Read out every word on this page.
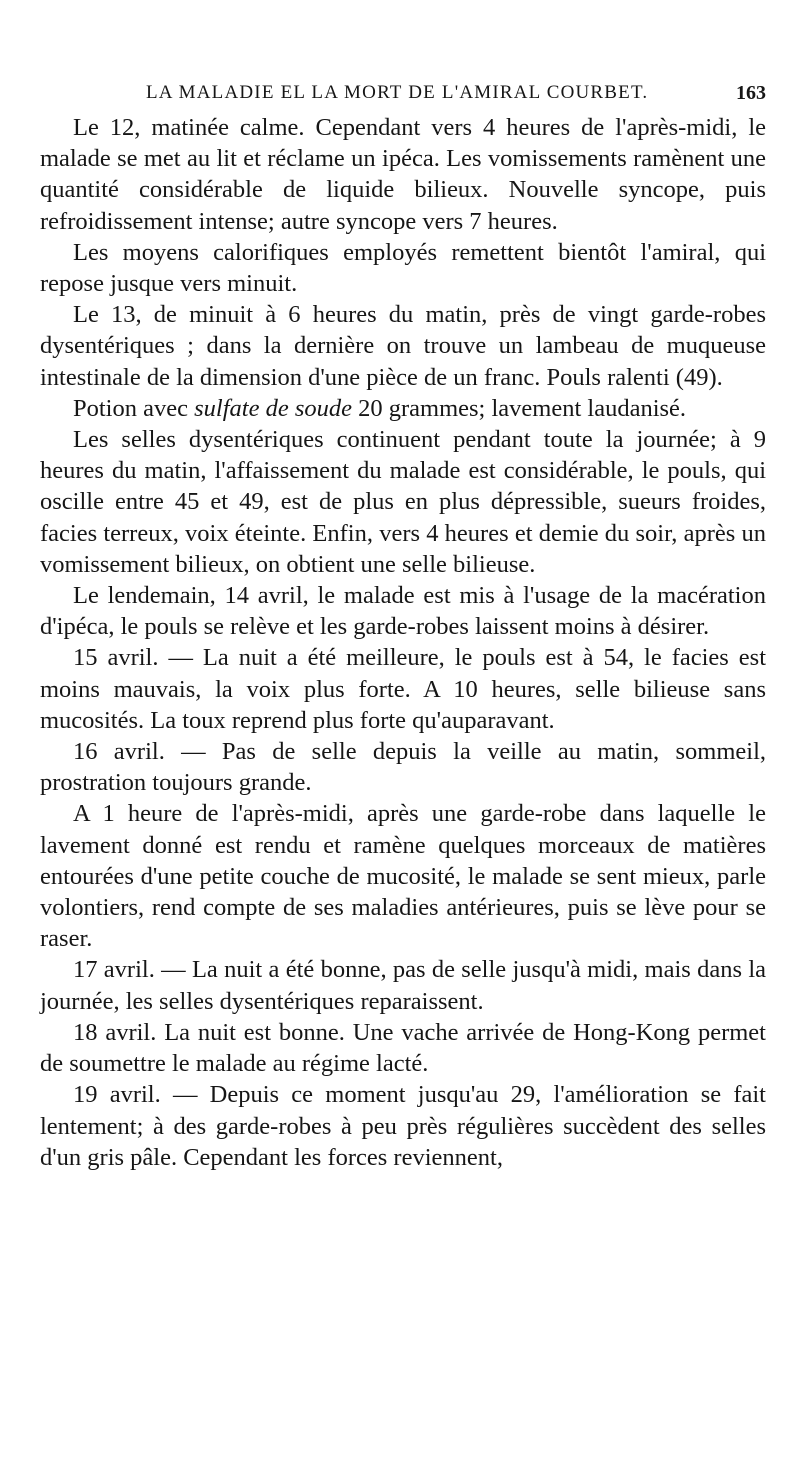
LA MALADIE EL LA MORT DE L'AMIRAL COURBET.	163

Le 12, matinée calme. Cependant vers 4 heures de l'après-midi, le malade se met au lit et réclame un ipéca. Les vomissements ramènent une quantité considérable de liquide bilieux. Nouvelle syncope, puis refroidissement intense; autre syncope vers 7 heures.

Les moyens calorifiques employés remettent bientôt l'amiral, qui repose jusque vers minuit.

Le 13, de minuit à 6 heures du matin, près de vingt garde-robes dysentériques ; dans la dernière on trouve un lambeau de muqueuse intestinale de la dimension d'une pièce de un franc. Pouls ralenti (49).

Potion avec sulfate de soude 20 grammes; lavement laudanisé.

Les selles dysentériques continuent pendant toute la journée; à 9 heures du matin, l'affaissement du malade est considérable, le pouls, qui oscille entre 45 et 49, est de plus en plus dépressible, sueurs froides, facies terreux, voix éteinte. Enfin, vers 4 heures et demie du soir, après un vomissement bilieux, on obtient une selle bilieuse.

Le lendemain, 14 avril, le malade est mis à l'usage de la macération d'ipéca, le pouls se relève et les garde-robes laissent moins à désirer.

15 avril. — La nuit a été meilleure, le pouls est à 54, le facies est moins mauvais, la voix plus forte. A 10 heures, selle bilieuse sans mucosités. La toux reprend plus forte qu'auparavant.

16 avril. — Pas de selle depuis la veille au matin, sommeil, prostration toujours grande.

A 1 heure de l'après-midi, après une garde-robe dans laquelle le lavement donné est rendu et ramène quelques morceaux de matières entourées d'une petite couche de mucosité, le malade se sent mieux, parle volontiers, rend compte de ses maladies antérieures, puis se lève pour se raser.

17 avril. — La nuit a été bonne, pas de selle jusqu'à midi, mais dans la journée, les selles dysentériques reparaissent.

18 avril. La nuit est bonne. Une vache arrivée de Hong-Kong permet de soumettre le malade au régime lacté.

19 avril. — Depuis ce moment jusqu'au 29, l'amélioration se fait lentement; à des garde-robes à peu près régulières succèdent des selles d'un gris pâle. Cependant les forces reviennent,
